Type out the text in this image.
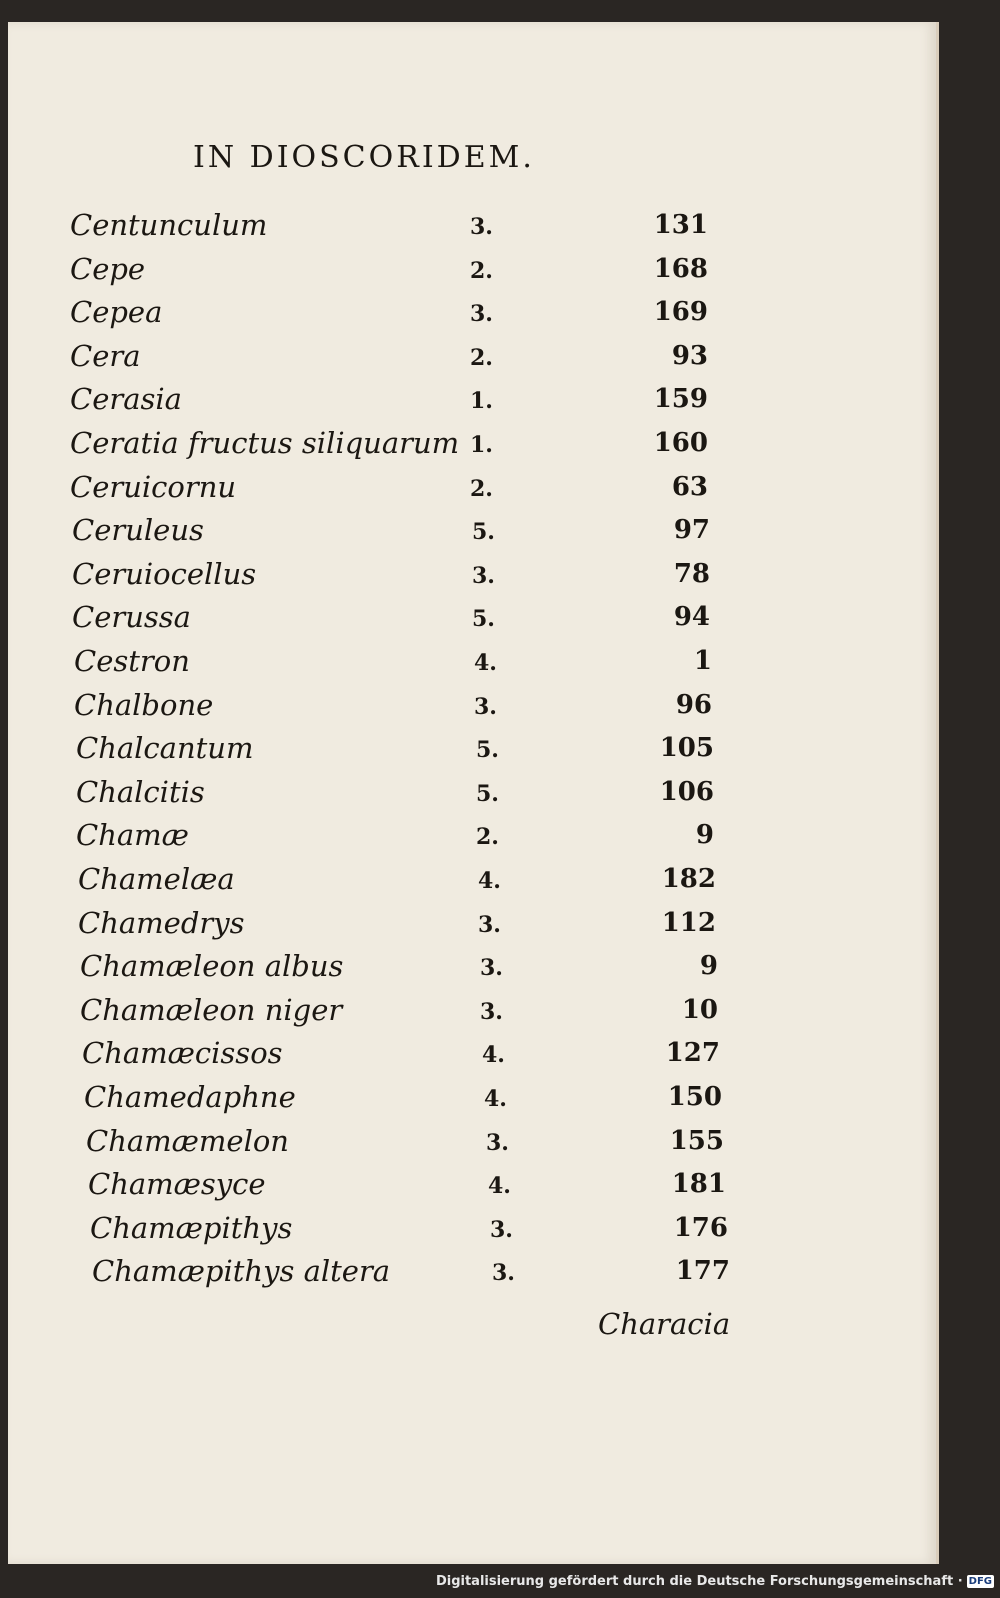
IN DIOSCORIDEM.
Centunculum	3.	131
Cepe	2.	168
Cepea	3.	169
Cera	2.	93
Cerasia	1.	159
Ceratia fructus siliquarum 1.	160
Ceruicornu	2.	63
Ceruleus	5.	97
Ceruiocellus	3.	78
Cerussa	5.	94
Cestron	4.	1
Chalbone	3.	96
Chalcantum	5.	105
Chalcitis	5.	106
Chamæ	2.	9
Chamelæa	4.	182
Chamedrys	3.	112
Chamæleon albus	3.	9
Chamæleon niger	3.	10
Chamæcissos	4.	127
Chamedaphne	4.	150
Chamæmelon	3.	155
Chamæsyce	4.	181
Chamæpithys	3.	176
Chamæpithys altera	3.	177
Characia
Digitalisierung gefördert durch die Deutsche Forschungsgemeinschaft · DFG
